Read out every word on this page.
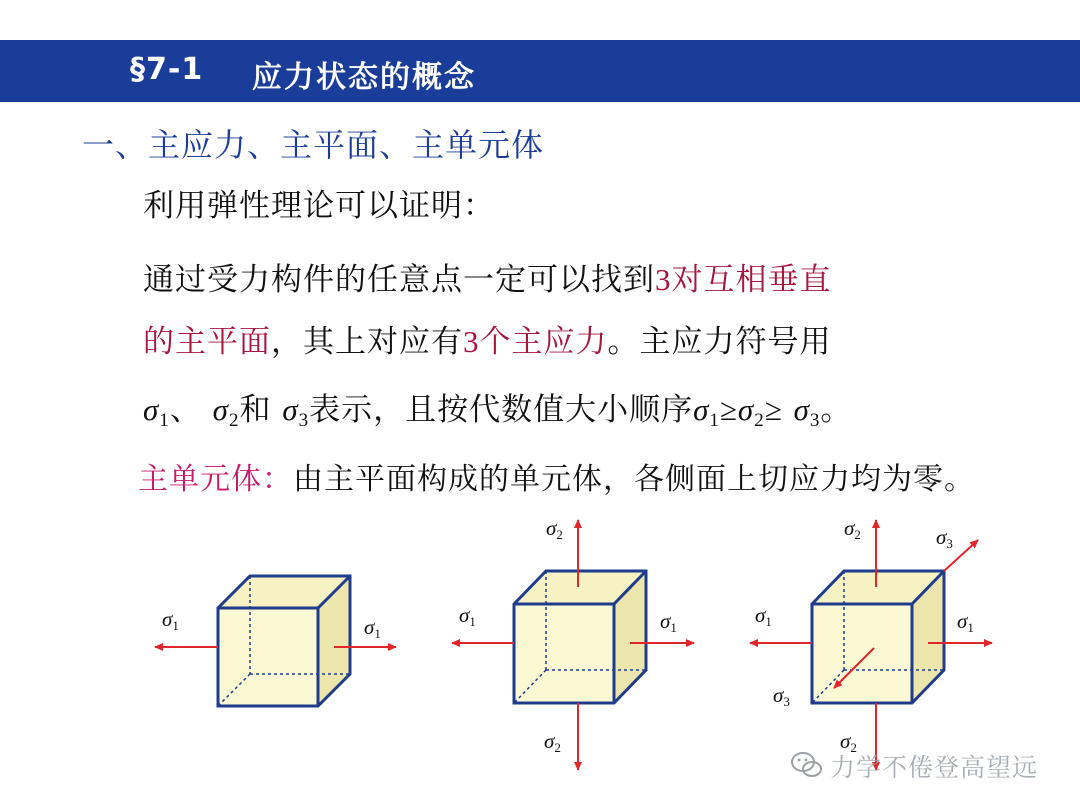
§7-1 应力状态的概念
一、主应力、主平面、主单元体
利用弹性理论可以证明：
通过受力构件的任意点一定可以找到3对互相垂直
的主平面，其上对应有3个主应力。主应力符号用
$\sigma_1$、 $\sigma_2$和 $\sigma_3$表示，且按代数值大小顺序$\sigma_1\ge\sigma_2\ge \sigma_3$。
主单元体：由主平面构成的单元体，各侧面上切应力均为零。
σ1	σ1
σ1	σ1
σ2
σ2
σ1	σ1
σ2
σ2
σ3
σ3
力学不倦登高望远
